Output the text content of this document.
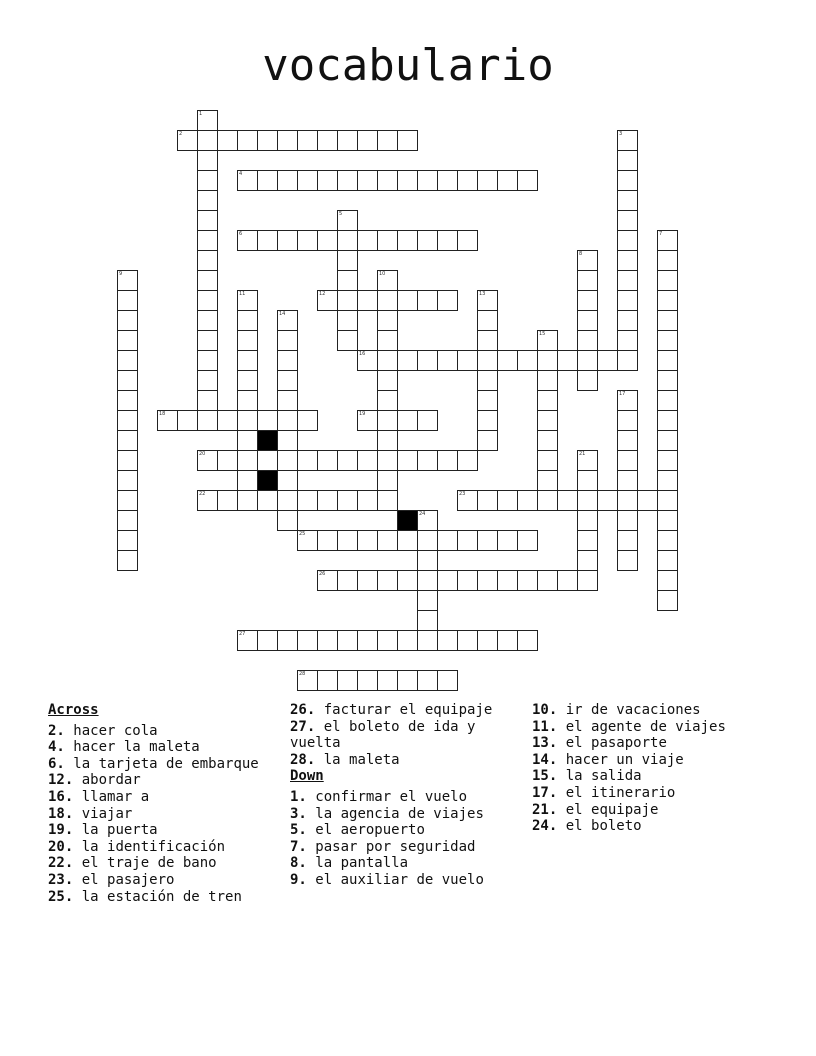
vocabulario
2
4
6
12
16
18	19
20
22	23
25
26
27
28
1
3
5
7
8
9	10
11	13
14
15
17
21
24
Across
2. hacer cola
4. hacer la maleta
6. la tarjeta de embarque
12. abordar
16. llamar a
18. viajar
19. la puerta
20. la identificación
22. el traje de bano
23. el pasajero
25. la estación de tren
26. facturar el equipaje
27. el boleto de ida y vuelta
28. la maleta
Down
1. confirmar el vuelo
3. la agencia de viajes
5. el aeropuerto
7. pasar por seguridad
8. la pantalla
9. el auxiliar de vuelo
10. ir de vacaciones
11. el agente de viajes
13. el pasaporte
14. hacer un viaje
15. la salida
17. el itinerario
21. el equipaje
24. el boleto
